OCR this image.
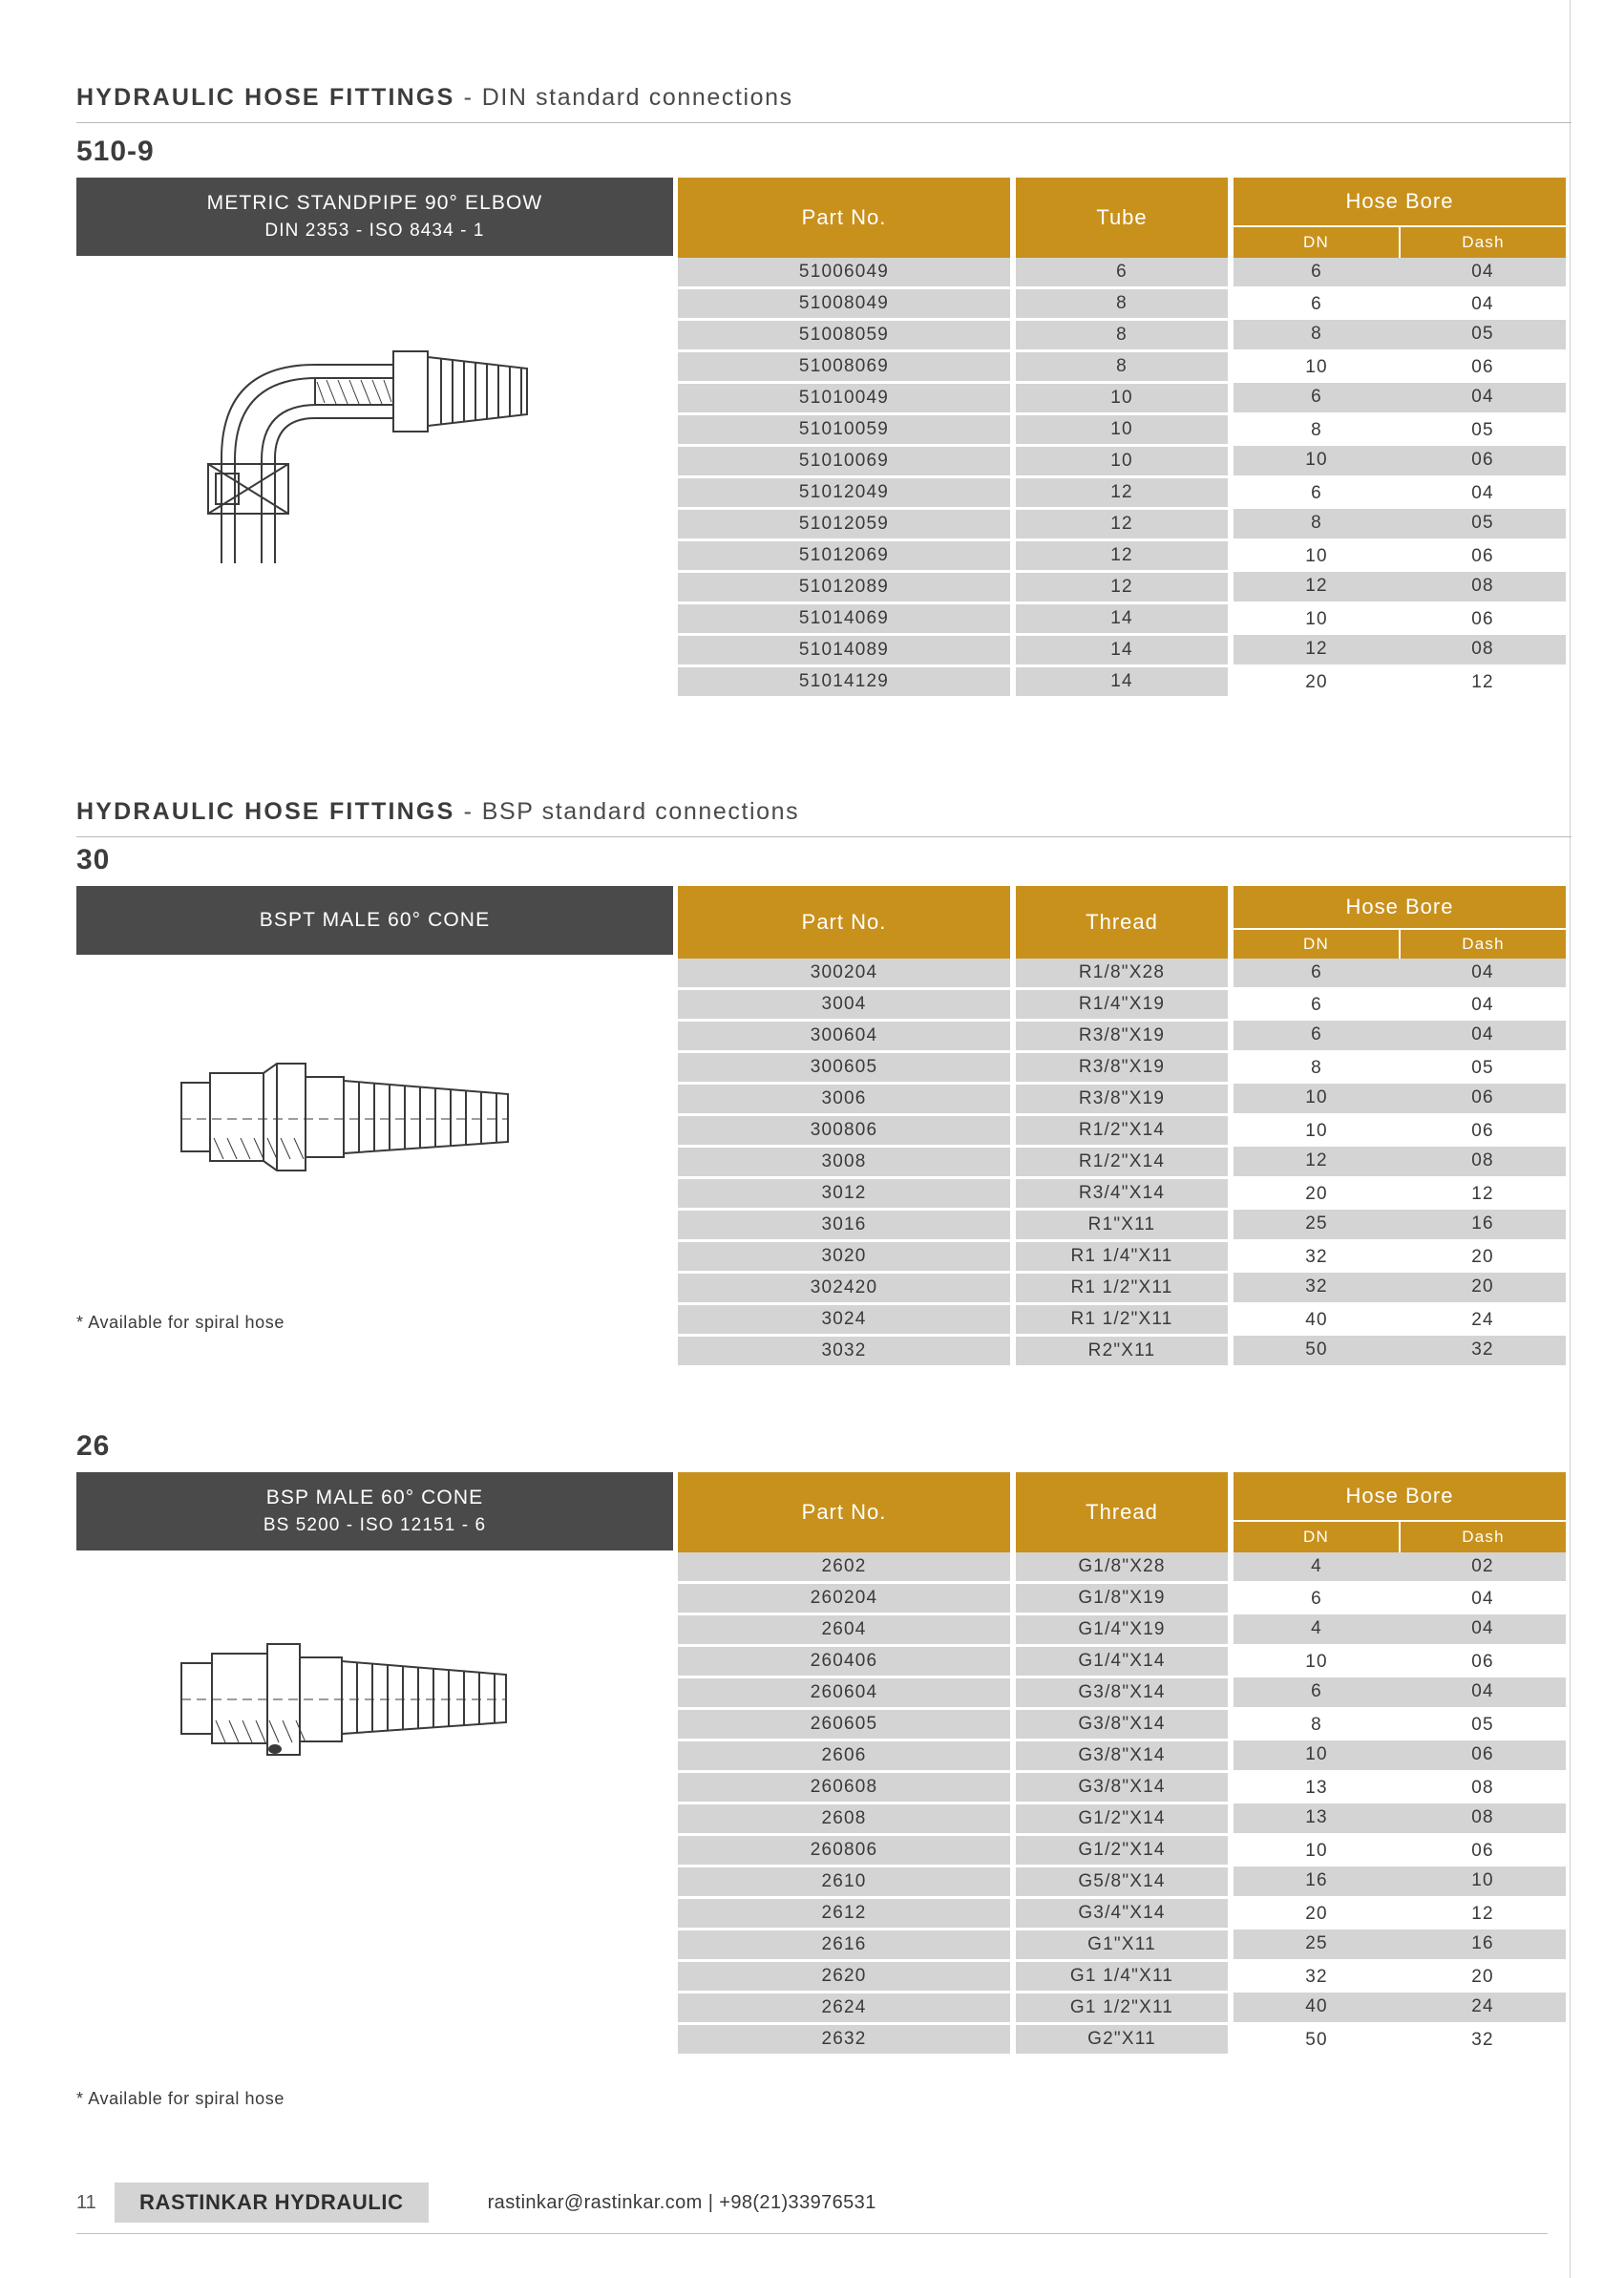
HYDRAULIC HOSE FITTINGS - DIN standard connections
510-9
METRIC STANDPIPE 90° ELBOW
DIN 2353 - ISO 8434 - 1
Part No.		Tube		Hose Bore	
				DN	Dash
51006049		6		6	04
51008049		8		6	04
51008059		8		8	05
51008069		8		10	06
51010049		10		6	04
51010059		10		8	05
51010069		10		10	06
51012049		12		6	04
51012059		12		8	05
51012069		12		10	06
51012089		12		12	08
51014069		14		10	06
51014089		14		12	08
51014129		14		20	12
HYDRAULIC HOSE FITTINGS - BSP standard connections
30
BSPT MALE 60° CONE
* Available for spiral hose
Part No.		Thread		Hose Bore	
				DN	Dash
300204		R1/8"X28		6	04
3004		R1/4"X19		6	04
300604		R3/8"X19		6	04
300605		R3/8"X19		8	05
3006		R3/8"X19		10	06
300806		R1/2"X14		10	06
3008		R1/2"X14		12	08
3012		R3/4"X14		20	12
3016		R1"X11		25	16
3020		R1 1/4"X11		32	20
302420		R1 1/2"X11		32	20
3024		R1 1/2"X11		40	24
3032		R2"X11		50	32
26
BSP MALE 60° CONE
BS 5200 - ISO 12151 - 6
* Available for spiral hose
Part No.		Thread		Hose Bore	
				DN	Dash
2602		G1/8"X28		4	02
260204		G1/8"X19		6	04
2604		G1/4"X19		4	04
260406		G1/4"X14		10	06
260604		G3/8"X14		6	04
260605		G3/8"X14		8	05
2606		G3/8"X14		10	06
260608		G3/8"X14		13	08
2608		G1/2"X14		13	08
260806		G1/2"X14		10	06
2610		G5/8"X14		16	10
2612		G3/4"X14		20	12
2616		G1"X11		25	16
2620		G1 1/4"X11		32	20
2624		G1 1/2"X11		40	24
2632		G2"X11		50	32
11	RASTINKAR HYDRAULIC	rastinkar@rastinkar.com | +98(21)33976531
